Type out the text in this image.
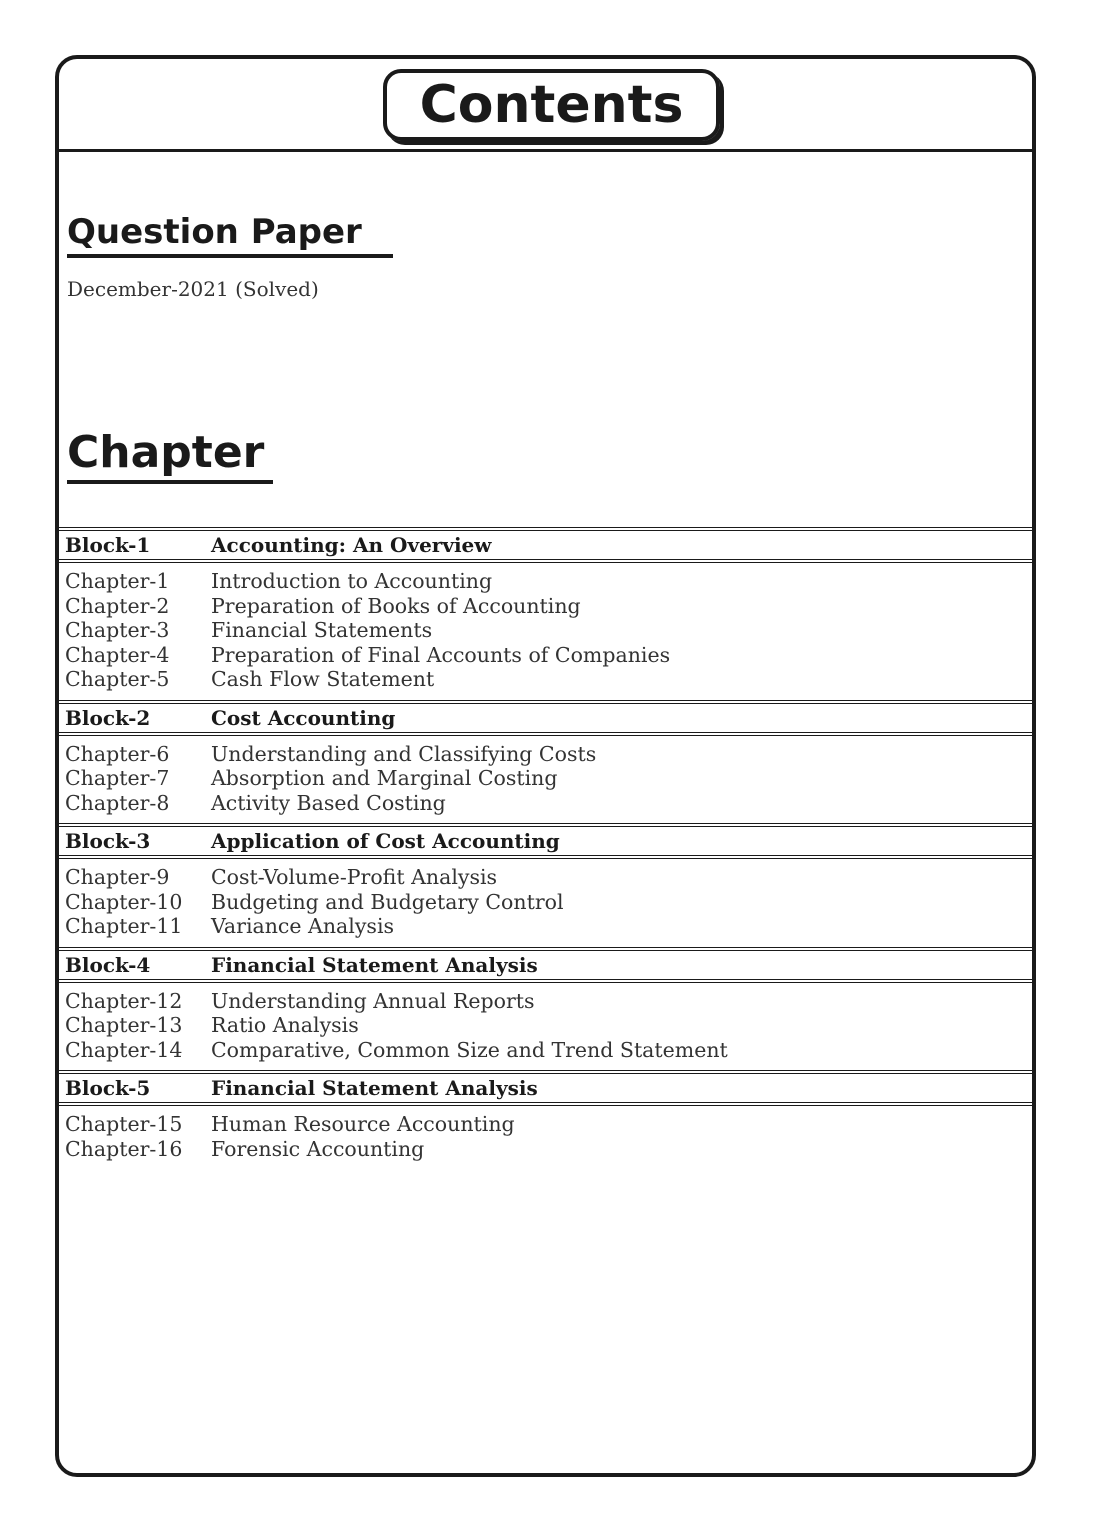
Contents
Question Paper
December-2021 (Solved)
Chapter
Block-1	Accounting: An Overview
Chapter-1 Introduction to Accounting
Chapter-2 Preparation of Books of Accounting
Chapter-3 Financial Statements
Chapter-4 Preparation of Final Accounts of Companies
Chapter-5 Cash Flow Statement
Block-2	Cost Accounting
Chapter-6 Understanding and Classifying Costs
Chapter-7 Absorption and Marginal Costing
Chapter-8 Activity Based Costing
Block-3	Application of Cost Accounting
Chapter-9 Cost-Volume-Profit Analysis
Chapter-10 Budgeting and Budgetary Control
Chapter-11 Variance Analysis
Block-4	Financial Statement Analysis
Chapter-12 Understanding Annual Reports
Chapter-13 Ratio Analysis
Chapter-14 Comparative, Common Size and Trend Statement
Block-5	Financial Statement Analysis
Chapter-15 Human Resource Accounting
Chapter-16 Forensic Accounting
